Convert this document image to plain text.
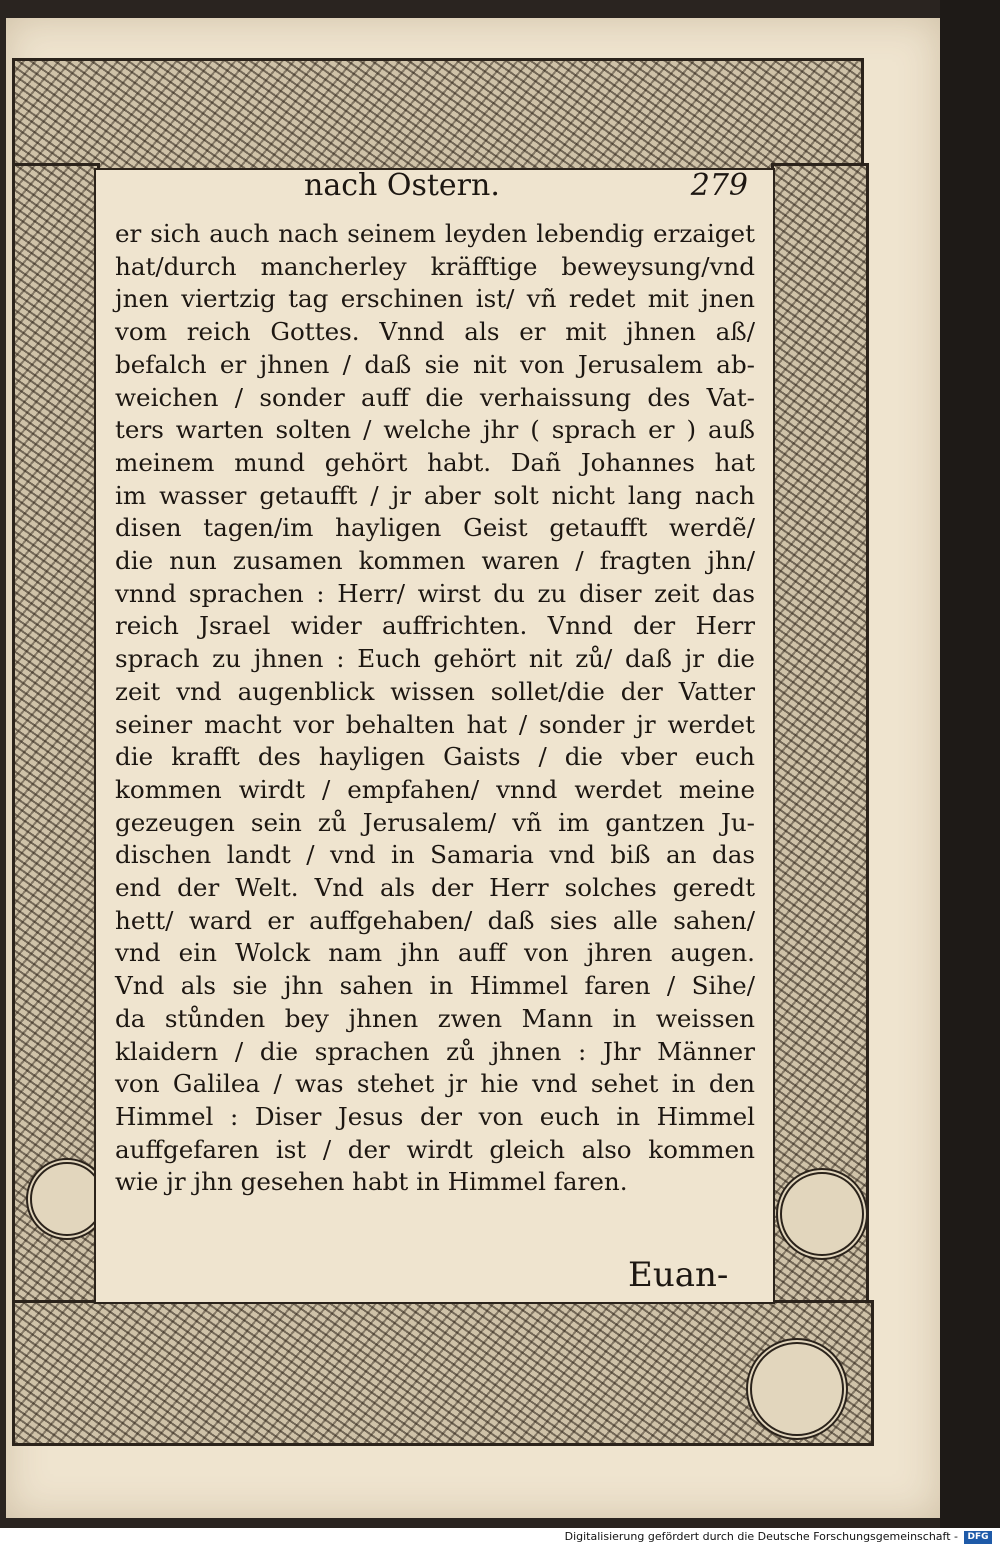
nach Ostern.	279
er sich auch nach seinem leyden lebendig erzaiget
hat/durch mancherley kräfftige beweysung/vnd
jnen viertzig tag erschinen ist/ vñ redet mit jnen
vom reich Gottes. Vnnd als er mit jhnen aß/
befalch er jhnen / daß sie nit von Jerusalem ab-
weichen / sonder auff die verhaissung des Vat-
ters warten solten / welche jhr ( sprach er ) auß
meinem mund gehört habt. Dañ Johannes hat
im wasser getaufft / jr aber solt nicht lang nach
disen tagen/im hayligen Geist getaufft werdẽ/
die nun zusamen kommen waren / fragten jhn/
vnnd sprachen : Herr/ wirst du zu diser zeit das
reich Jsrael wider auffrichten. Vnnd der Herr
sprach zu jhnen : Euch gehört nit zů/ daß jr die
zeit vnd augenblick wissen sollet/die der Vatter
seiner macht vor behalten hat / sonder jr werdet
die krafft des hayligen Gaists / die vber euch
kommen wirdt / empfahen/ vnnd werdet meine
gezeugen sein zů Jerusalem/ vñ im gantzen Ju-
dischen landt / vnd in Samaria vnd biß an das
end der Welt. Vnd als der Herr solches geredt
hett/ ward er auffgehaben/ daß sies alle sahen/
vnd ein Wolck nam jhn auff von jhren augen.
Vnd als sie jhn sahen in Himmel faren / Sihe/
da stůnden bey jhnen zwen Mann in weissen
klaidern / die sprachen zů jhnen : Jhr Männer
von Galilea / was stehet jr hie vnd sehet in den
Himmel : Diser Jesus der von euch in Himmel
auffgefaren ist / der wirdt gleich also kommen
wie jr jhn gesehen habt in Himmel faren.
Euan-
Digitalisierung gefördert durch die Deutsche Forschungsgemeinschaft -	DFG
